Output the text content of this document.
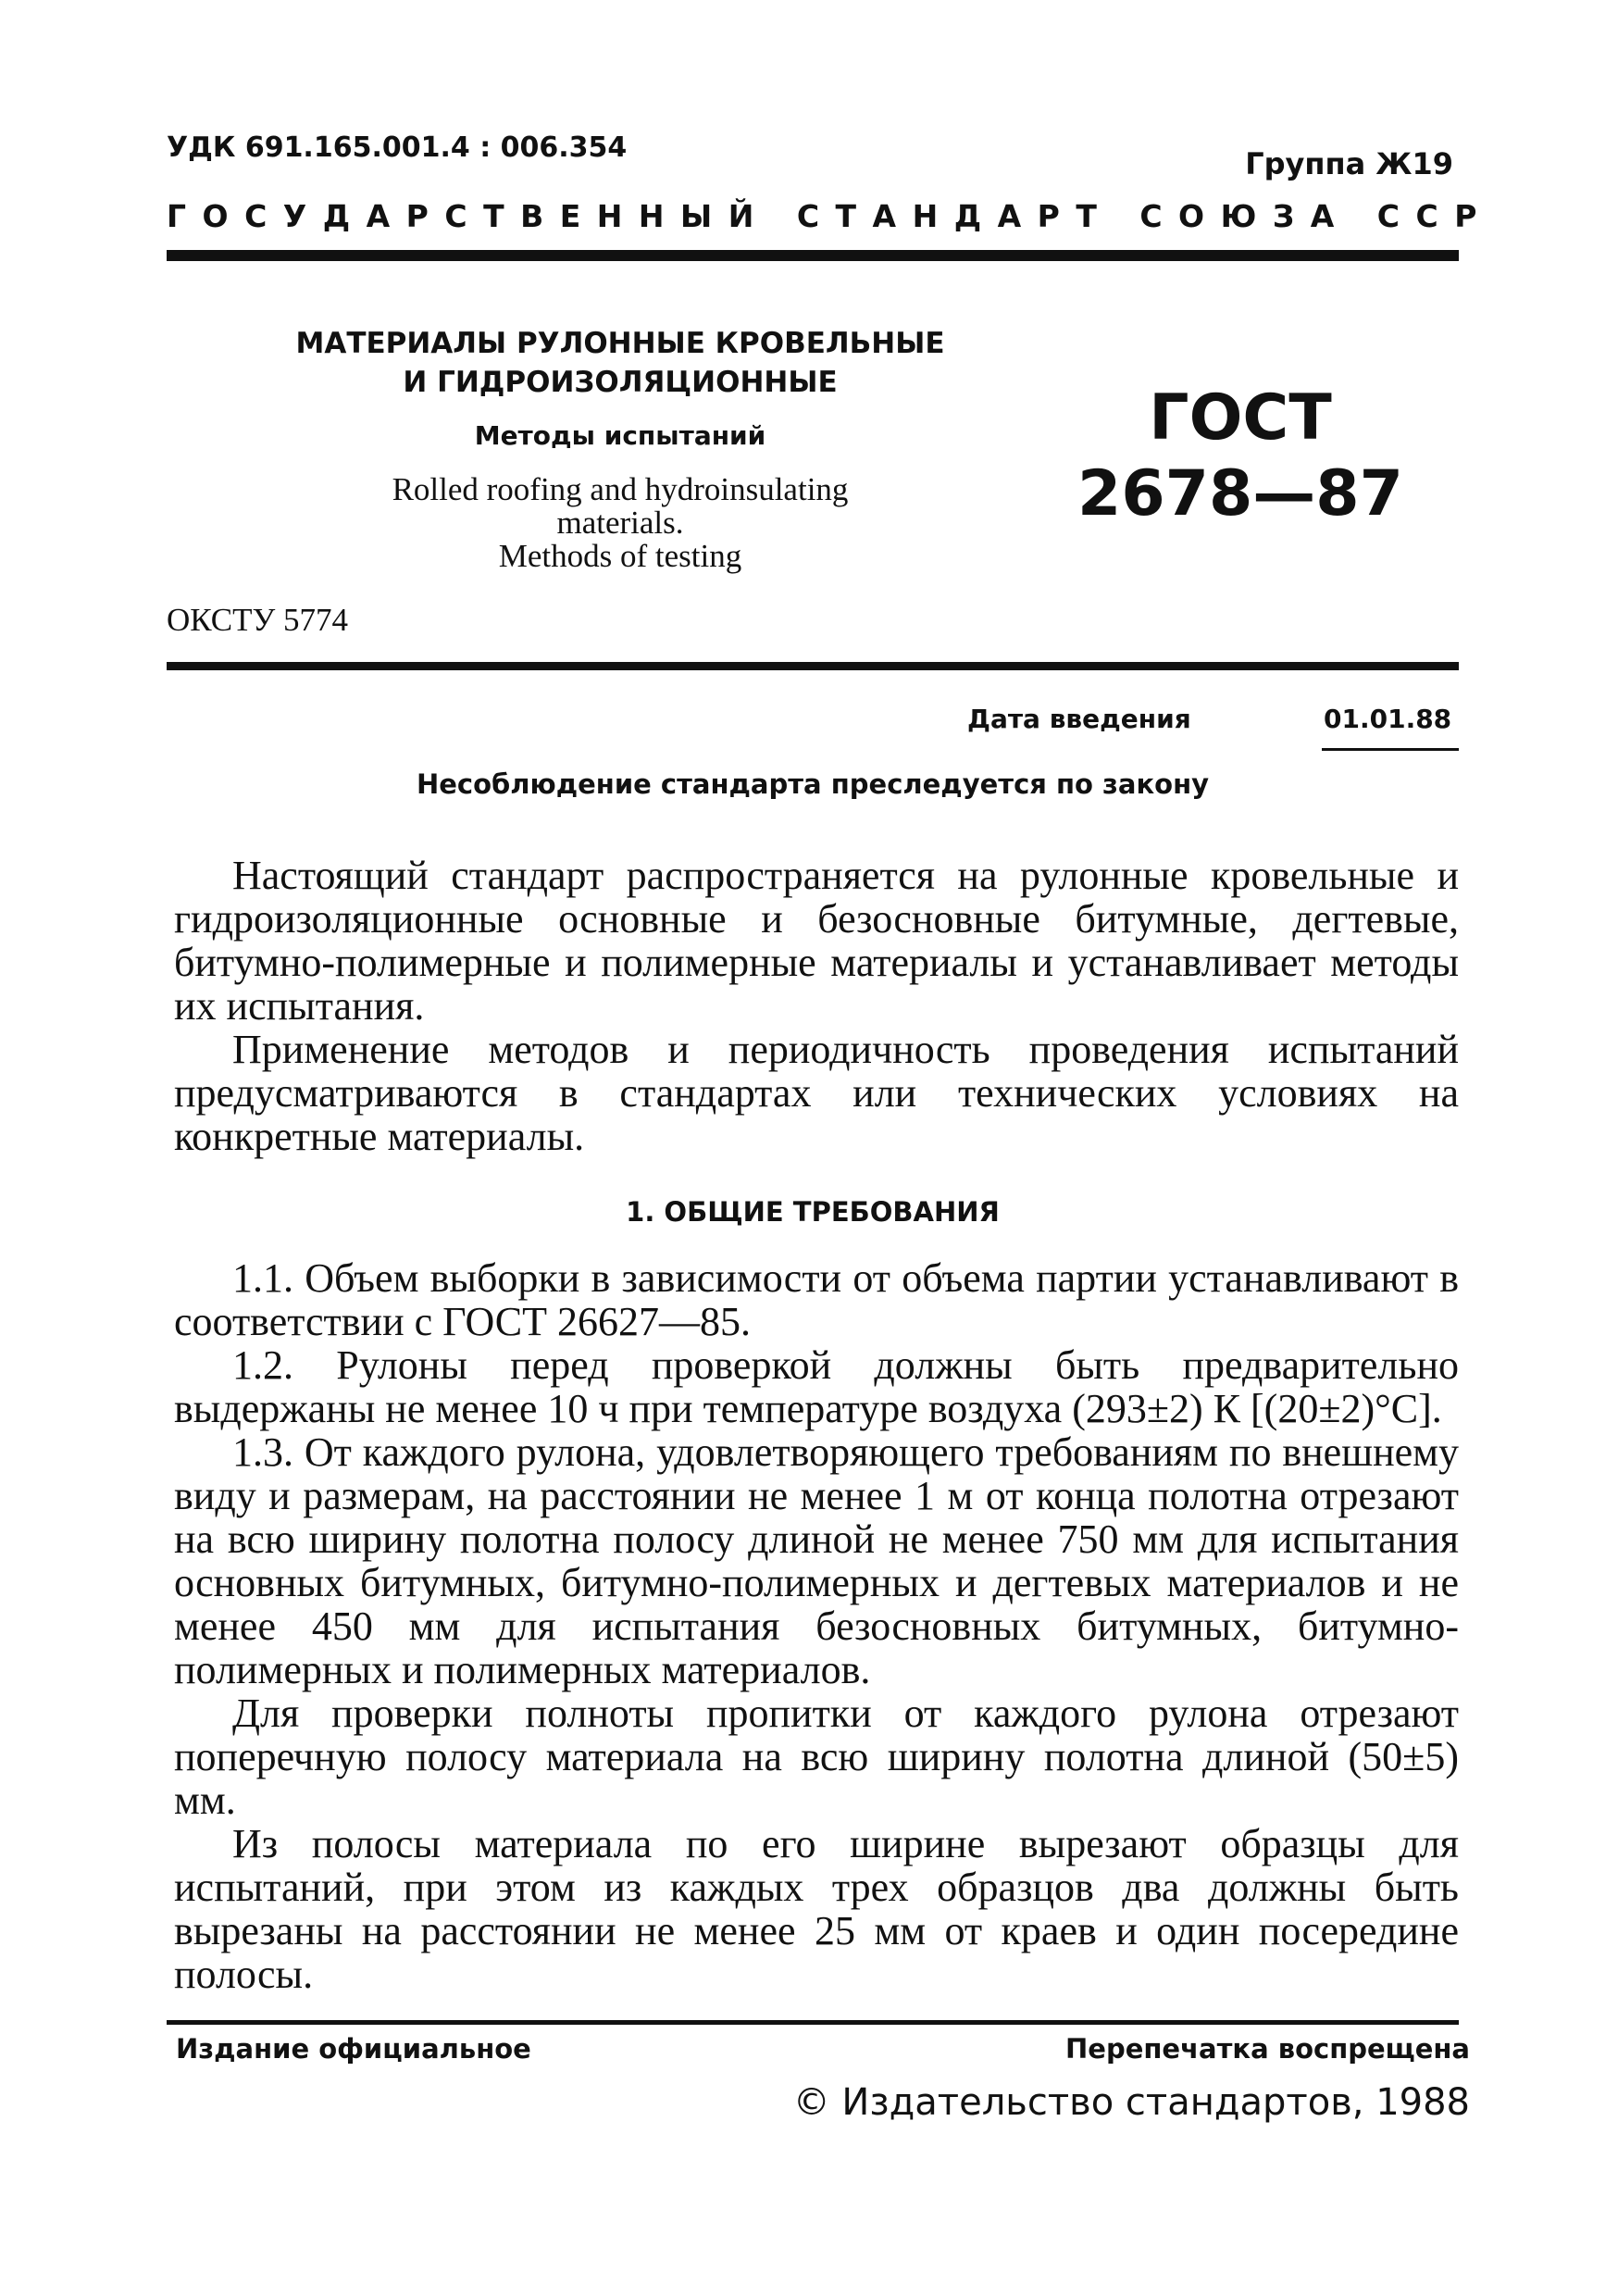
УДК 691.165.001.4 : 006.354	Группа Ж19
ГОСУДАРСТВЕННЫЙ СТАНДАРТ СОЮЗА ССР
МАТЕРИАЛЫ РУЛОННЫЕ КРОВЕЛЬНЫЕ
И ГИДРОИЗОЛЯЦИОННЫЕ
Методы испытаний
Rolled roofing and hydroinsulating
materials.
Methods of testing
ГОСТ
2678—87
ОКСТУ 5774
Дата введения	01.01.88
Несоблюдение стандарта преследуется по закону

Настоящий стандарт распространяется на рулонные кровельные и гидроизоляционные основные и безосновные битумные, дегтевые, битумно-полимерные и полимерные материалы и устанавливает методы их испытания.

Применение методов и периодичность проведения испытаний предусматриваются в стандартах или технических условиях на конкретные материалы.

1. ОБЩИЕ ТРЕБОВАНИЯ

1.1. Объем выборки в зависимости от объема партии устанавливают в соответствии с ГОСТ 26627—85.

1.2. Рулоны перед проверкой должны быть предварительно выдержаны не менее 10 ч при температуре воздуха (293±2) К [(20±2)°С].

1.3. От каждого рулона, удовлетворяющего требованиям по внешнему виду и размерам, на расстоянии не менее 1 м от конца полотна отрезают на всю ширину полотна полосу длиной не менее 750 мм для испытания основных битумных, битумно-полимерных и дегтевых материалов и не менее 450 мм для испытания безосновных битумных, битумно-полимерных и полимерных материалов.

Для проверки полноты пропитки от каждого рулона отрезают поперечную полосу материала на всю ширину полотна длиной (50±5) мм.

Из полосы материала по его ширине вырезают образцы для испытаний, при этом из каждых трех образцов два должны быть вырезаны на расстоянии не менее 25 мм от краев и один посередине полосы.

Издание официальное	Перепечатка воспрещена
© Издательство стандартов, 1988
